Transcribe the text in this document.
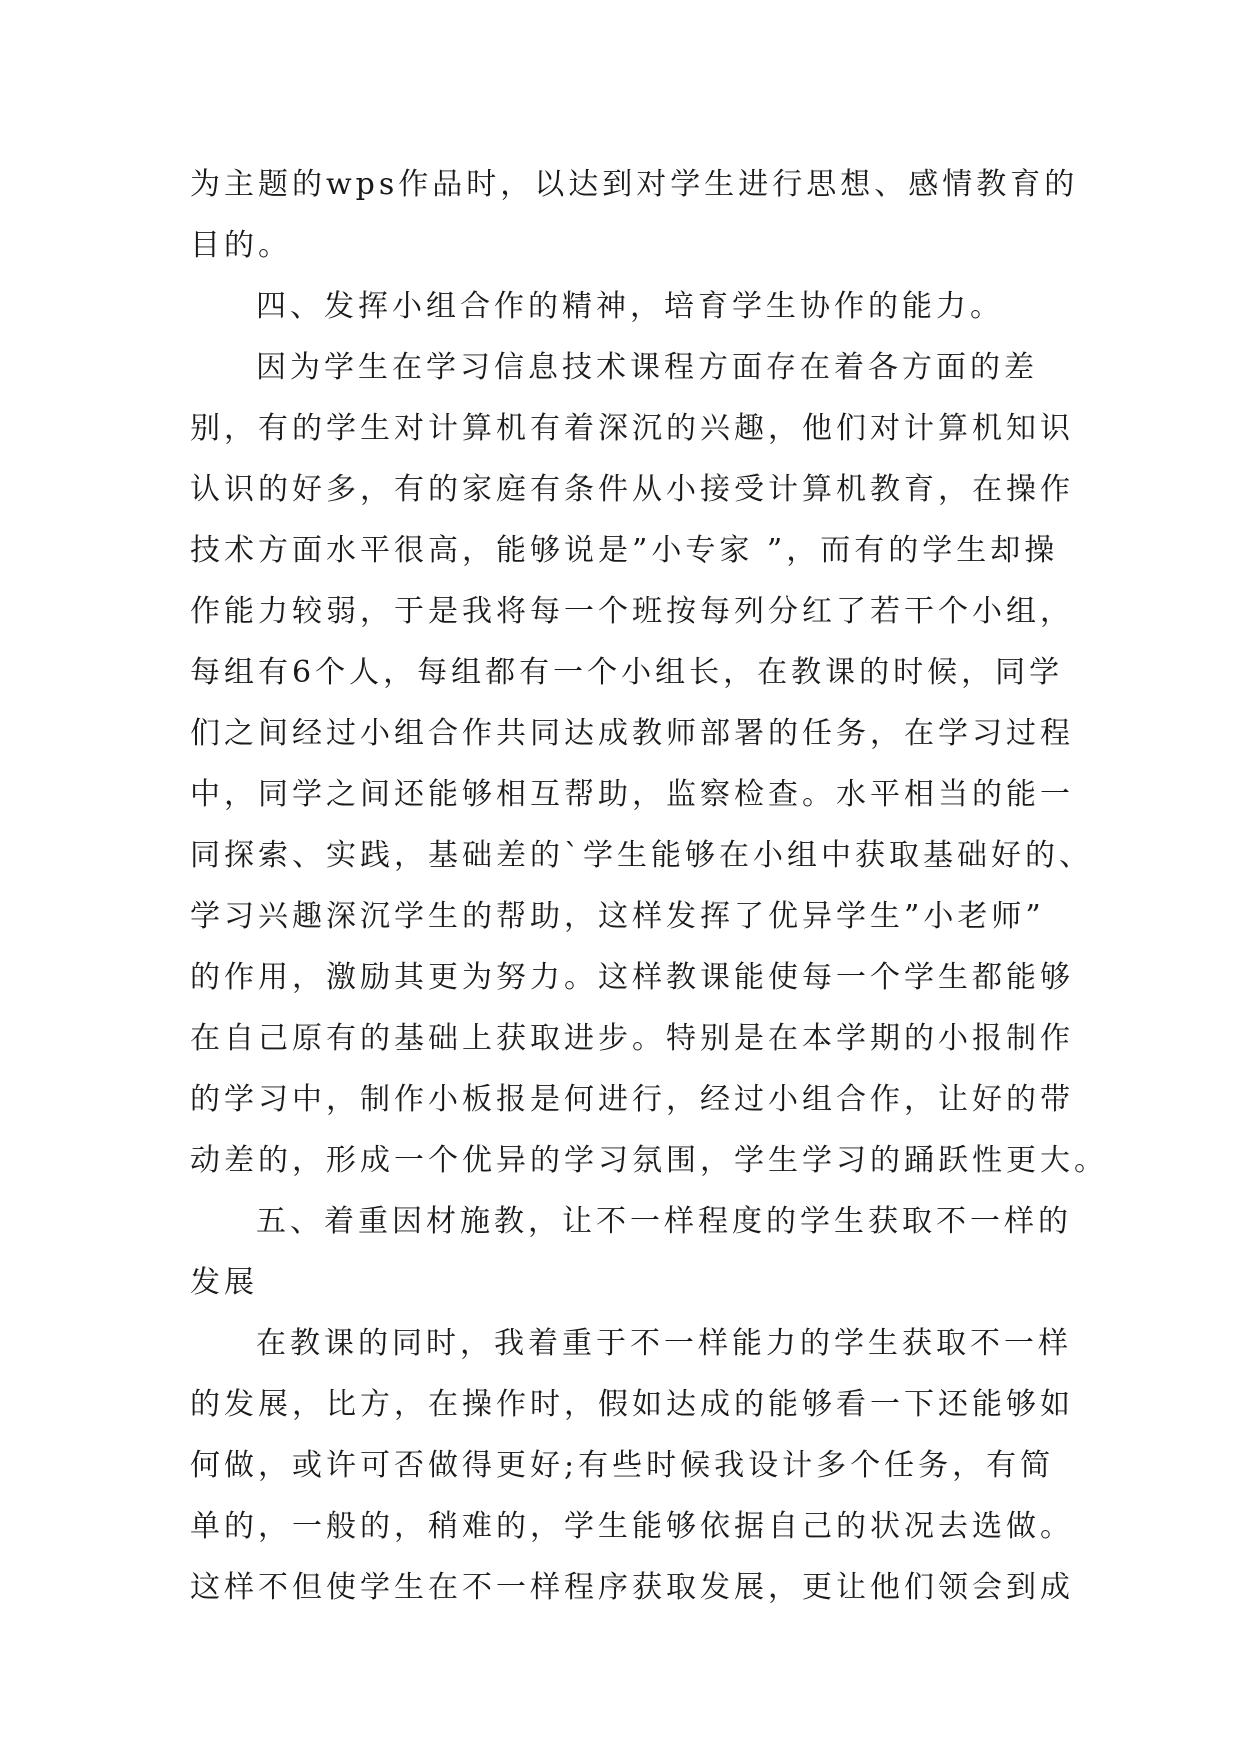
为主题的wps作品时，以达到对学生进行思想、感情教育的
目的。
四、发挥小组合作的精神，培育学生协作的能力。
因为学生在学习信息技术课程方面存在着各方面的差
别，有的学生对计算机有着深沉的兴趣，他们对计算机知识
认识的好多，有的家庭有条件从小接受计算机教育，在操作
技术方面水平很高，能够说是”小专家 ”，而有的学生却操
作能力较弱，于是我将每一个班按每列分红了若干个小组，
每组有6个人，每组都有一个小组长，在教课的时候，同学
们之间经过小组合作共同达成教师部署的任务，在学习过程
中，同学之间还能够相互帮助，监察检查。水平相当的能一
同探索、实践，基础差的`学生能够在小组中获取基础好的、
学习兴趣深沉学生的帮助，这样发挥了优异学生”小老师”
的作用，激励其更为努力。这样教课能使每一个学生都能够
在自己原有的基础上获取进步。特别是在本学期的小报制作
的学习中，制作小板报是何进行，经过小组合作，让好的带
动差的，形成一个优异的学习氛围，学生学习的踊跃性更大。
五、着重因材施教，让不一样程度的学生获取不一样的
发展
在教课的同时，我着重于不一样能力的学生获取不一样
的发展，比方，在操作时，假如达成的能够看一下还能够如
何做，或许可否做得更好;有些时候我设计多个任务，有简
单的，一般的，稍难的，学生能够依据自己的状况去选做。
这样不但使学生在不一样程序获取发展，更让他们领会到成
